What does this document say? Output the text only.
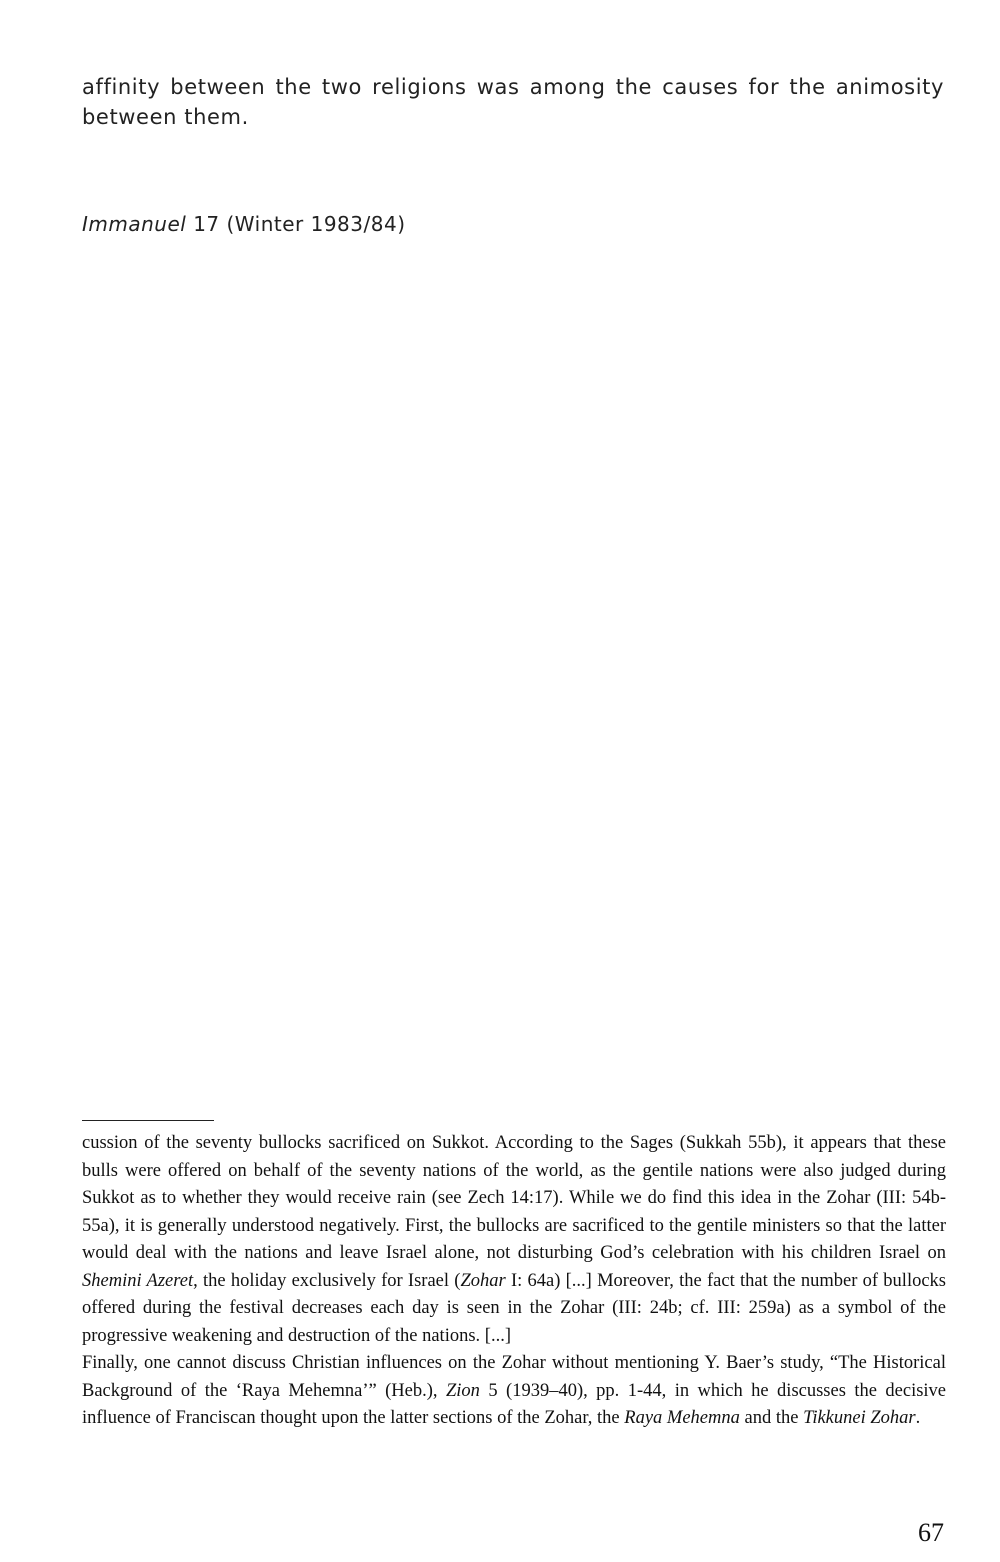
affinity between the two religions was among the causes for the animosity between them.

Immanuel 17 (Winter 1983/84)

cussion of the seventy bullocks sacrificed on Sukkot. According to the Sages (Sukkah 55b), it appears that these bulls were offered on behalf of the seventy nations of the world, as the gentile nations were also judged during Sukkot as to whether they would receive rain (see Zech 14:17). While we do find this idea in the Zohar (III: 54b-55a), it is generally understood negatively. First, the bullocks are sacrificed to the gentile ministers so that the latter would deal with the nations and leave Israel alone, not disturbing God’s celebration with his children Israel on Shemini Azeret, the holiday exclusively for Israel (Zohar I: 64a) [...] Moreover, the fact that the number of bullocks offered during the festival decreases each day is seen in the Zohar (III: 24b; cf. III: 259a) as a symbol of the progressive weakening and destruction of the nations. [...]

Finally, one cannot discuss Christian influences on the Zohar without mentioning Y. Baer’s study, “The Historical Background of the ‘Raya Mehemna’” (Heb.), Zion 5 (1939–40), pp. 1-44, in which he discusses the decisive influence of Franciscan thought upon the latter sections of the Zohar, the Raya Mehemna and the Tikkunei Zohar.

67
